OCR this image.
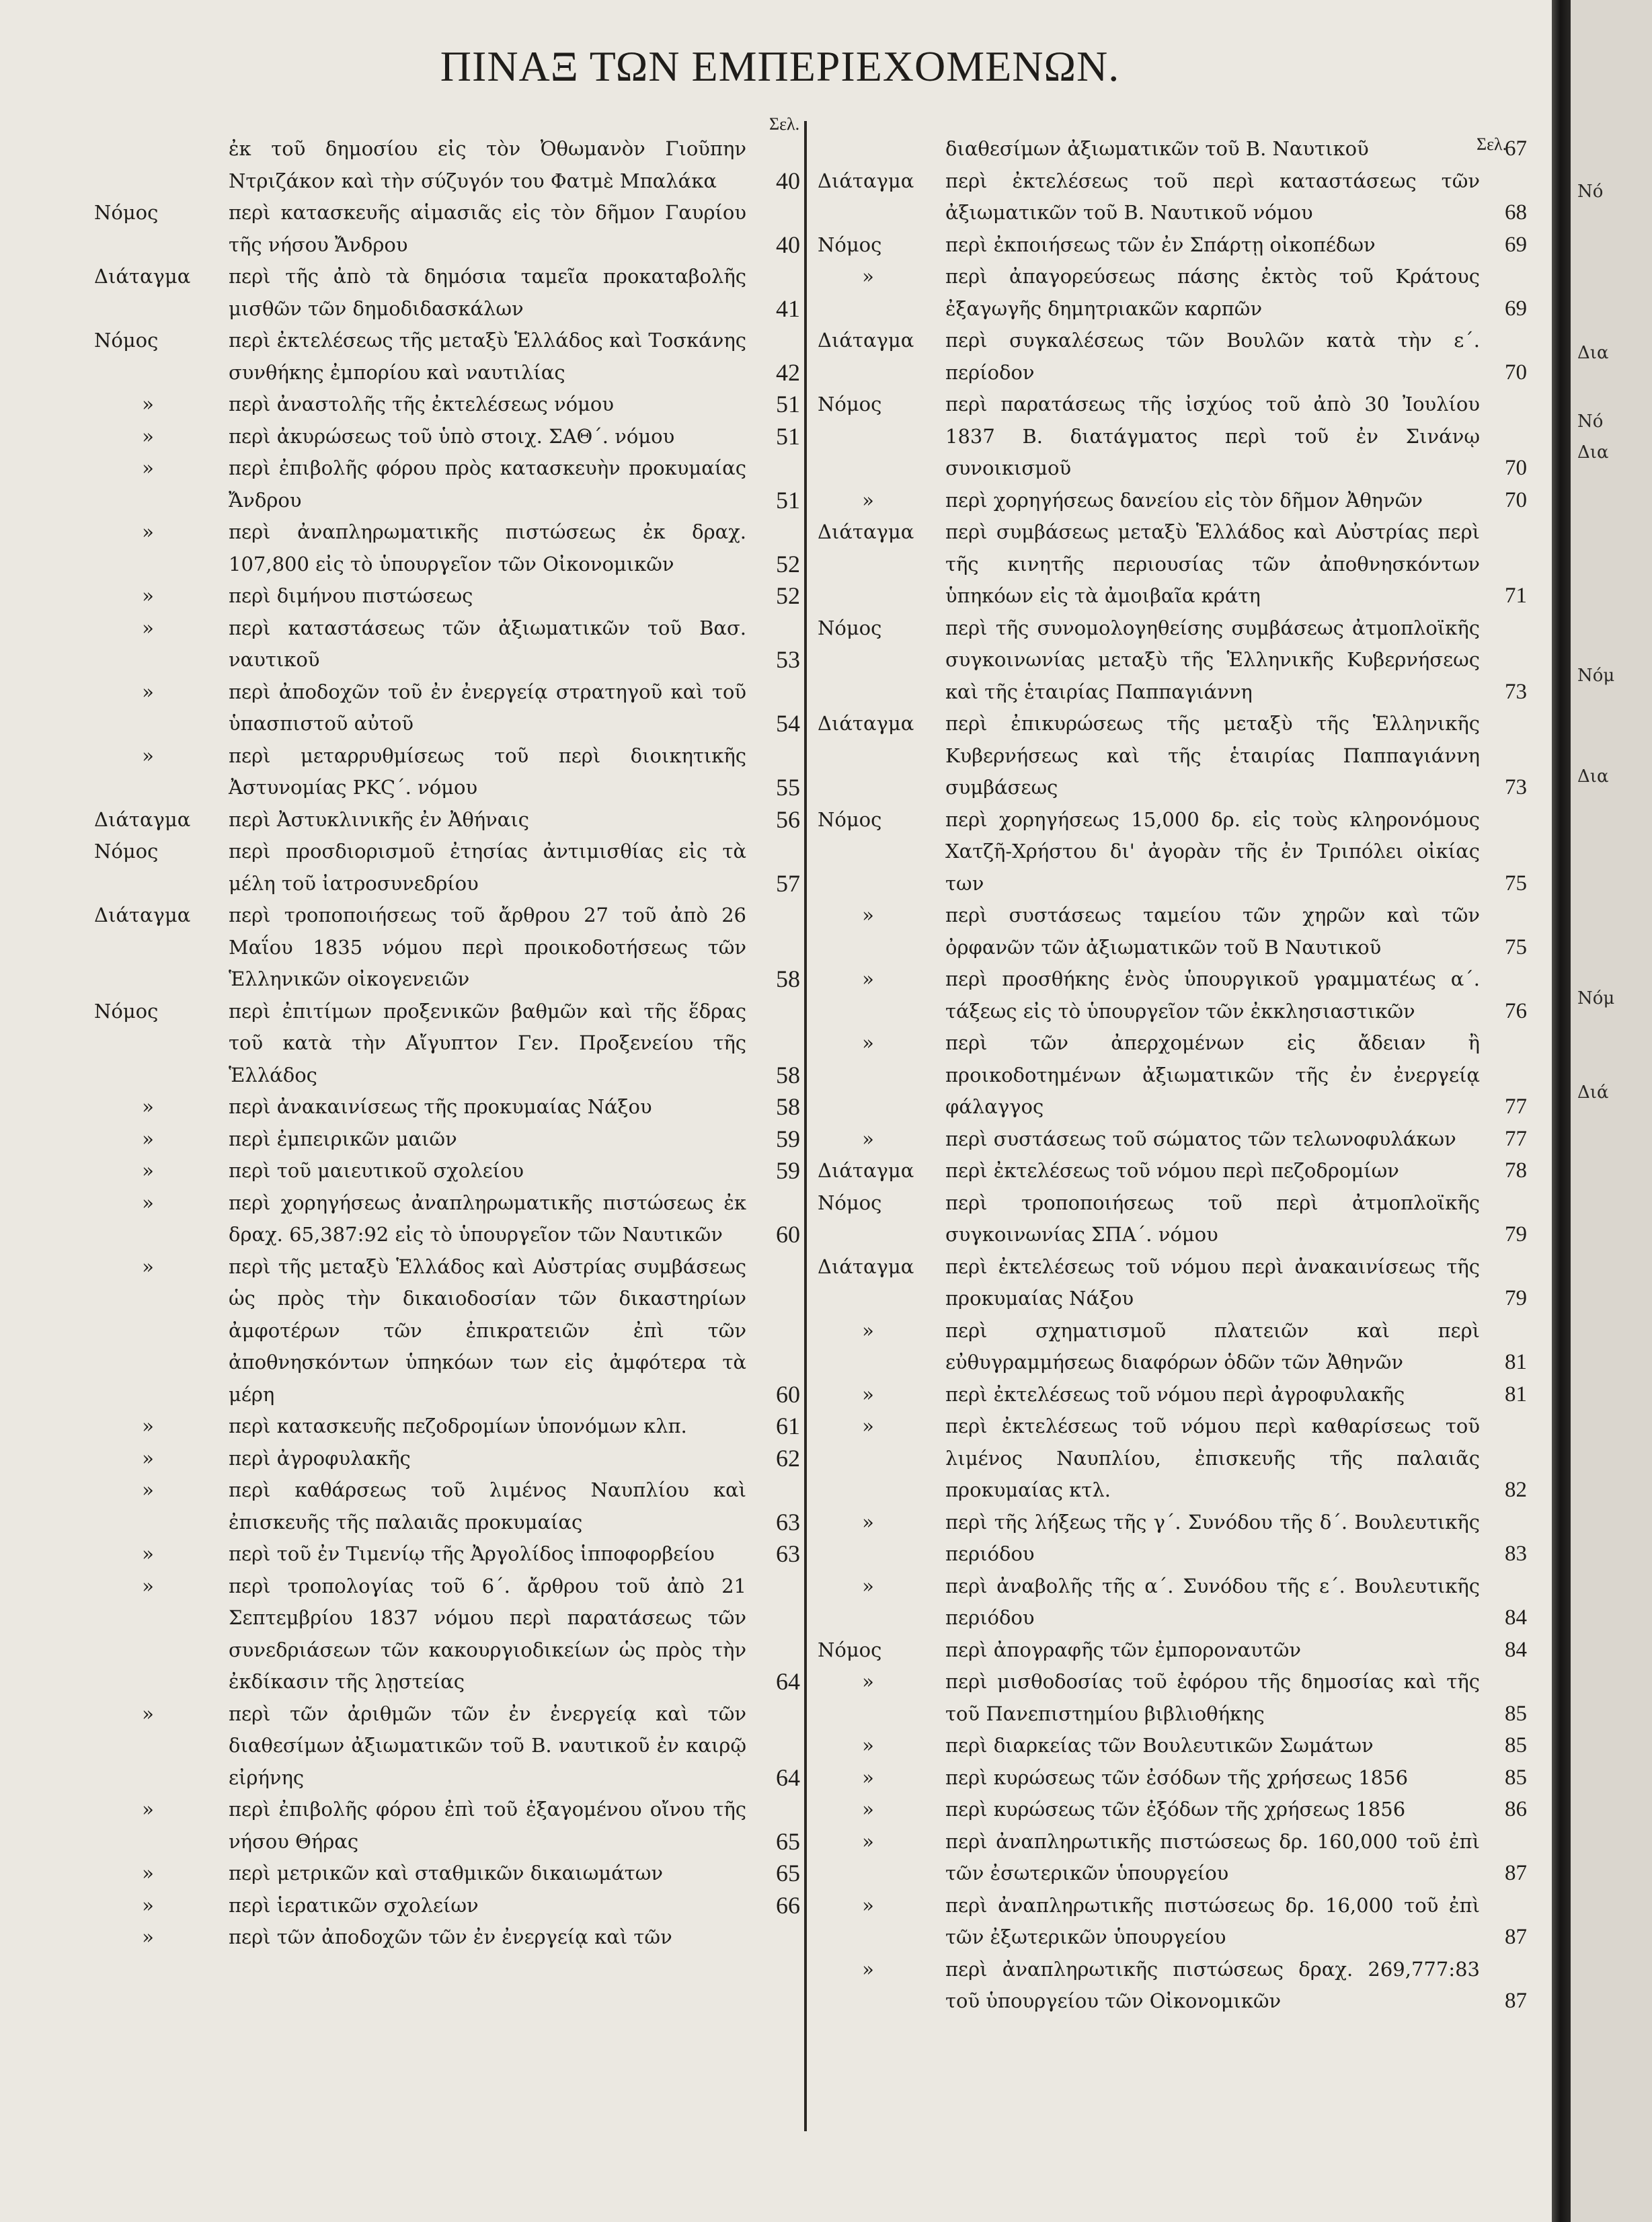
ΠΙΝΑΞ ΤΩΝ ΕΜΠΕΡΙΕΧΟΜΕΝΩΝ.
Σελ.
Σελ.
ἐκ τοῦ δημοσίου εἰς τὸν Ὀθωμανὸν Γιοῦπην Ντριζάκον καὶ τὴν σύζυγόν του Φατμὲ Μπαλάκα	40
Νόμος	περὶ κατασκευῆς αἱμασιᾶς εἰς τὸν δῆμον Γαυρίου τῆς νήσου Ἄνδρου	40
Διάταγμα	περὶ τῆς ἀπὸ τὰ δημόσια ταμεῖα προκαταβολῆς μισθῶν τῶν δημοδιδασκάλων	41
Νόμος	περὶ ἐκτελέσεως τῆς μεταξὺ Ἑλλάδος καὶ Τοσκάνης συνθήκης ἐμπορίου καὶ ναυτιλίας	42
»	περὶ ἀναστολῆς τῆς ἐκτελέσεως νόμου	51
»	περὶ ἀκυρώσεως τοῦ ὑπὸ στοιχ. ΣΑΘ΄. νόμου	51
»	περὶ ἐπιβολῆς φόρου πρὸς κατασκευὴν προκυμαίας Ἄνδρου	51
»	περὶ ἀναπληρωματικῆς πιστώσεως ἐκ δραχ. 107,800 εἰς τὸ ὑπουργεῖον τῶν Οἰκονομικῶν	52
»	περὶ διμήνου πιστώσεως	52
»	περὶ καταστάσεως τῶν ἀξιωματικῶν τοῦ Βασ. ναυτικοῦ	53
»	περὶ ἀποδοχῶν τοῦ ἐν ἐνεργείᾳ στρατηγοῦ καὶ τοῦ ὑπασπιστοῦ αὐτοῦ	54
»	περὶ μεταρρυθμίσεως τοῦ περὶ διοικητικῆς Ἀστυνομίας ΡΚϚ΄. νόμου	55
Διάταγμα	περὶ Ἀστυκλινικῆς ἐν Ἀθήναις	56
Νόμος	περὶ προσδιορισμοῦ ἐτησίας ἀντιμισθίας εἰς τὰ μέλη τοῦ ἰατροσυνεδρίου	57
Διάταγμα	περὶ τροποποιήσεως τοῦ ἄρθρου 27 τοῦ ἀπὸ 26 Μαΐου 1835 νόμου περὶ προικοδοτήσεως τῶν Ἑλληνικῶν οἰκογενειῶν	58
Νόμος	περὶ ἐπιτίμων προξενικῶν βαθμῶν καὶ τῆς ἕδρας τοῦ κατὰ τὴν Αἴγυπτον Γεν. Προξενείου τῆς Ἑλλάδος	58
»	περὶ ἀνακαινίσεως τῆς προκυμαίας Νάξου	58
»	περὶ ἐμπειρικῶν μαιῶν	59
»	περὶ τοῦ μαιευτικοῦ σχολείου	59
»	περὶ χορηγήσεως ἀναπληρωματικῆς πιστώσεως ἐκ δραχ. 65,387:92 εἰς τὸ ὑπουργεῖον τῶν Ναυτικῶν	60
»	περὶ τῆς μεταξὺ Ἑλλάδος καὶ Αὐστρίας συμβάσεως ὡς πρὸς τὴν δικαιοδοσίαν τῶν δικαστηρίων ἀμφοτέρων τῶν ἐπικρατειῶν ἐπὶ τῶν ἀποθνησκόντων ὑπηκόων των εἰς ἀμφότερα τὰ μέρη	60
»	περὶ κατασκευῆς πεζοδρομίων ὑπονόμων κλπ.	61
»	περὶ ἀγροφυλακῆς	62
»	περὶ καθάρσεως τοῦ λιμένος Ναυπλίου καὶ ἐπισκευῆς τῆς παλαιᾶς προκυμαίας	63
»	περὶ τοῦ ἐν Τιμενίῳ τῆς Ἀργολίδος ἱπποφορβείου	63
»	περὶ τροπολογίας τοῦ 6΄. ἄρθρου τοῦ ἀπὸ 21 Σεπτεμβρίου 1837 νόμου περὶ παρατάσεως τῶν συνεδριάσεων τῶν κακουργιοδικείων ὡς πρὸς τὴν ἐκδίκασιν τῆς λῃστείας	64
»	περὶ τῶν ἀριθμῶν τῶν ἐν ἐνεργείᾳ καὶ τῶν διαθεσίμων ἀξιωματικῶν τοῦ Β. ναυτικοῦ ἐν καιρῷ εἰρήνης	64
»	περὶ ἐπιβολῆς φόρου ἐπὶ τοῦ ἐξαγομένου οἴνου τῆς νήσου Θήρας	65
»	περὶ μετρικῶν καὶ σταθμικῶν δικαιωμάτων	65
»	περὶ ἱερατικῶν σχολείων	66
»	περὶ τῶν ἀποδοχῶν τῶν ἐν ἐνεργείᾳ καὶ τῶν
διαθεσίμων ἀξιωματικῶν τοῦ Β. Ναυτικοῦ	67
Διάταγμα	περὶ ἐκτελέσεως τοῦ περὶ καταστάσεως τῶν ἀξιωματικῶν τοῦ Β. Ναυτικοῦ νόμου	68
Νόμος	περὶ ἐκποιήσεως τῶν ἐν Σπάρτῃ οἰκοπέδων	69
»	περὶ ἀπαγορεύσεως πάσης ἐκτὸς τοῦ Κράτους ἐξαγωγῆς δημητριακῶν καρπῶν	69
Διάταγμα	περὶ συγκαλέσεως τῶν Βουλῶν κατὰ τὴν ε΄. περίοδον	70
Νόμος	περὶ παρατάσεως τῆς ἰσχύος τοῦ ἀπὸ 30 Ἰουλίου 1837 Β. διατάγματος περὶ τοῦ ἐν Σινάνῳ συνοικισμοῦ	70
»	περὶ χορηγήσεως δανείου εἰς τὸν δῆμον Ἀθηνῶν	70
Διάταγμα	περὶ συμβάσεως μεταξὺ Ἑλλάδος καὶ Αὐστρίας περὶ τῆς κινητῆς περιουσίας τῶν ἀποθνησκόντων ὑπηκόων εἰς τὰ ἀμοιβαῖα κράτη	71
Νόμος	περὶ τῆς συνομολογηθείσης συμβάσεως ἀτμοπλοϊκῆς συγκοινωνίας μεταξὺ τῆς Ἑλληνικῆς Κυβερνήσεως καὶ τῆς ἑταιρίας Παππαγιάννη	73
Διάταγμα	περὶ ἐπικυρώσεως τῆς μεταξὺ τῆς Ἑλληνικῆς Κυβερνήσεως καὶ τῆς ἑταιρίας Παππαγιάννη συμβάσεως	73
Νόμος	περὶ χορηγήσεως 15,000 δρ. εἰς τοὺς κληρονόμους Χατζῆ-Χρήστου δι' ἀγορὰν τῆς ἐν Τριπόλει οἰκίας των	75
»	περὶ συστάσεως ταμείου τῶν χηρῶν καὶ τῶν ὀρφανῶν τῶν ἀξιωματικῶν τοῦ Β Ναυτικοῦ	75
»	περὶ προσθήκης ἑνὸς ὑπουργικοῦ γραμματέως α΄. τάξεως εἰς τὸ ὑπουργεῖον τῶν ἐκκλησιαστικῶν	76
»	περὶ τῶν ἀπερχομένων εἰς ἄδειαν ἢ προικοδοτημένων ἀξιωματικῶν τῆς ἐν ἐνεργείᾳ φάλαγγος	77
»	περὶ συστάσεως τοῦ σώματος τῶν τελωνοφυλάκων	77
Διάταγμα	περὶ ἐκτελέσεως τοῦ νόμου περὶ πεζοδρομίων	78
Νόμος	περὶ τροποποιήσεως τοῦ περὶ ἀτμοπλοϊκῆς συγκοινωνίας ΣΠΑ΄. νόμου	79
Διάταγμα	περὶ ἐκτελέσεως τοῦ νόμου περὶ ἀνακαινίσεως τῆς προκυμαίας Νάξου	79
»	περὶ σχηματισμοῦ πλατειῶν καὶ περὶ εὐθυγραμμήσεως διαφόρων ὁδῶν τῶν Ἀθηνῶν	81
»	περὶ ἐκτελέσεως τοῦ νόμου περὶ ἀγροφυλακῆς	81
»	περὶ ἐκτελέσεως τοῦ νόμου περὶ καθαρίσεως τοῦ λιμένος Ναυπλίου, ἐπισκευῆς τῆς παλαιᾶς προκυμαίας κτλ.	82
»	περὶ τῆς λήξεως τῆς γ΄. Συνόδου τῆς δ΄. Βουλευτικῆς περιόδου	83
»	περὶ ἀναβολῆς τῆς α΄. Συνόδου τῆς ε΄. Βουλευτικῆς περιόδου	84
Νόμος	περὶ ἀπογραφῆς τῶν ἐμποροναυτῶν	84
»	περὶ μισθοδοσίας τοῦ ἐφόρου τῆς δημοσίας καὶ τῆς τοῦ Πανεπιστημίου βιβλιοθήκης	85
»	περὶ διαρκείας τῶν Βουλευτικῶν Σωμάτων	85
»	περὶ κυρώσεως τῶν ἐσόδων τῆς χρήσεως 1856	85
»	περὶ κυρώσεως τῶν ἐξόδων τῆς χρήσεως 1856	86
»	περὶ ἀναπληρωτικῆς πιστώσεως δρ. 160,000 τοῦ ἐπὶ τῶν ἐσωτερικῶν ὑπουργείου	87
»	περὶ ἀναπληρωτικῆς πιστώσεως δρ. 16,000 τοῦ ἐπὶ τῶν ἐξωτερικῶν ὑπουργείου	87
»	περὶ ἀναπληρωτικῆς πιστώσεως δραχ. 269,777:83 τοῦ ὑπουργείου τῶν Οἰκονομικῶν	87
Νό
Δια
Νό
Δια
Νόμ
Δια
Νόμ
Διά
